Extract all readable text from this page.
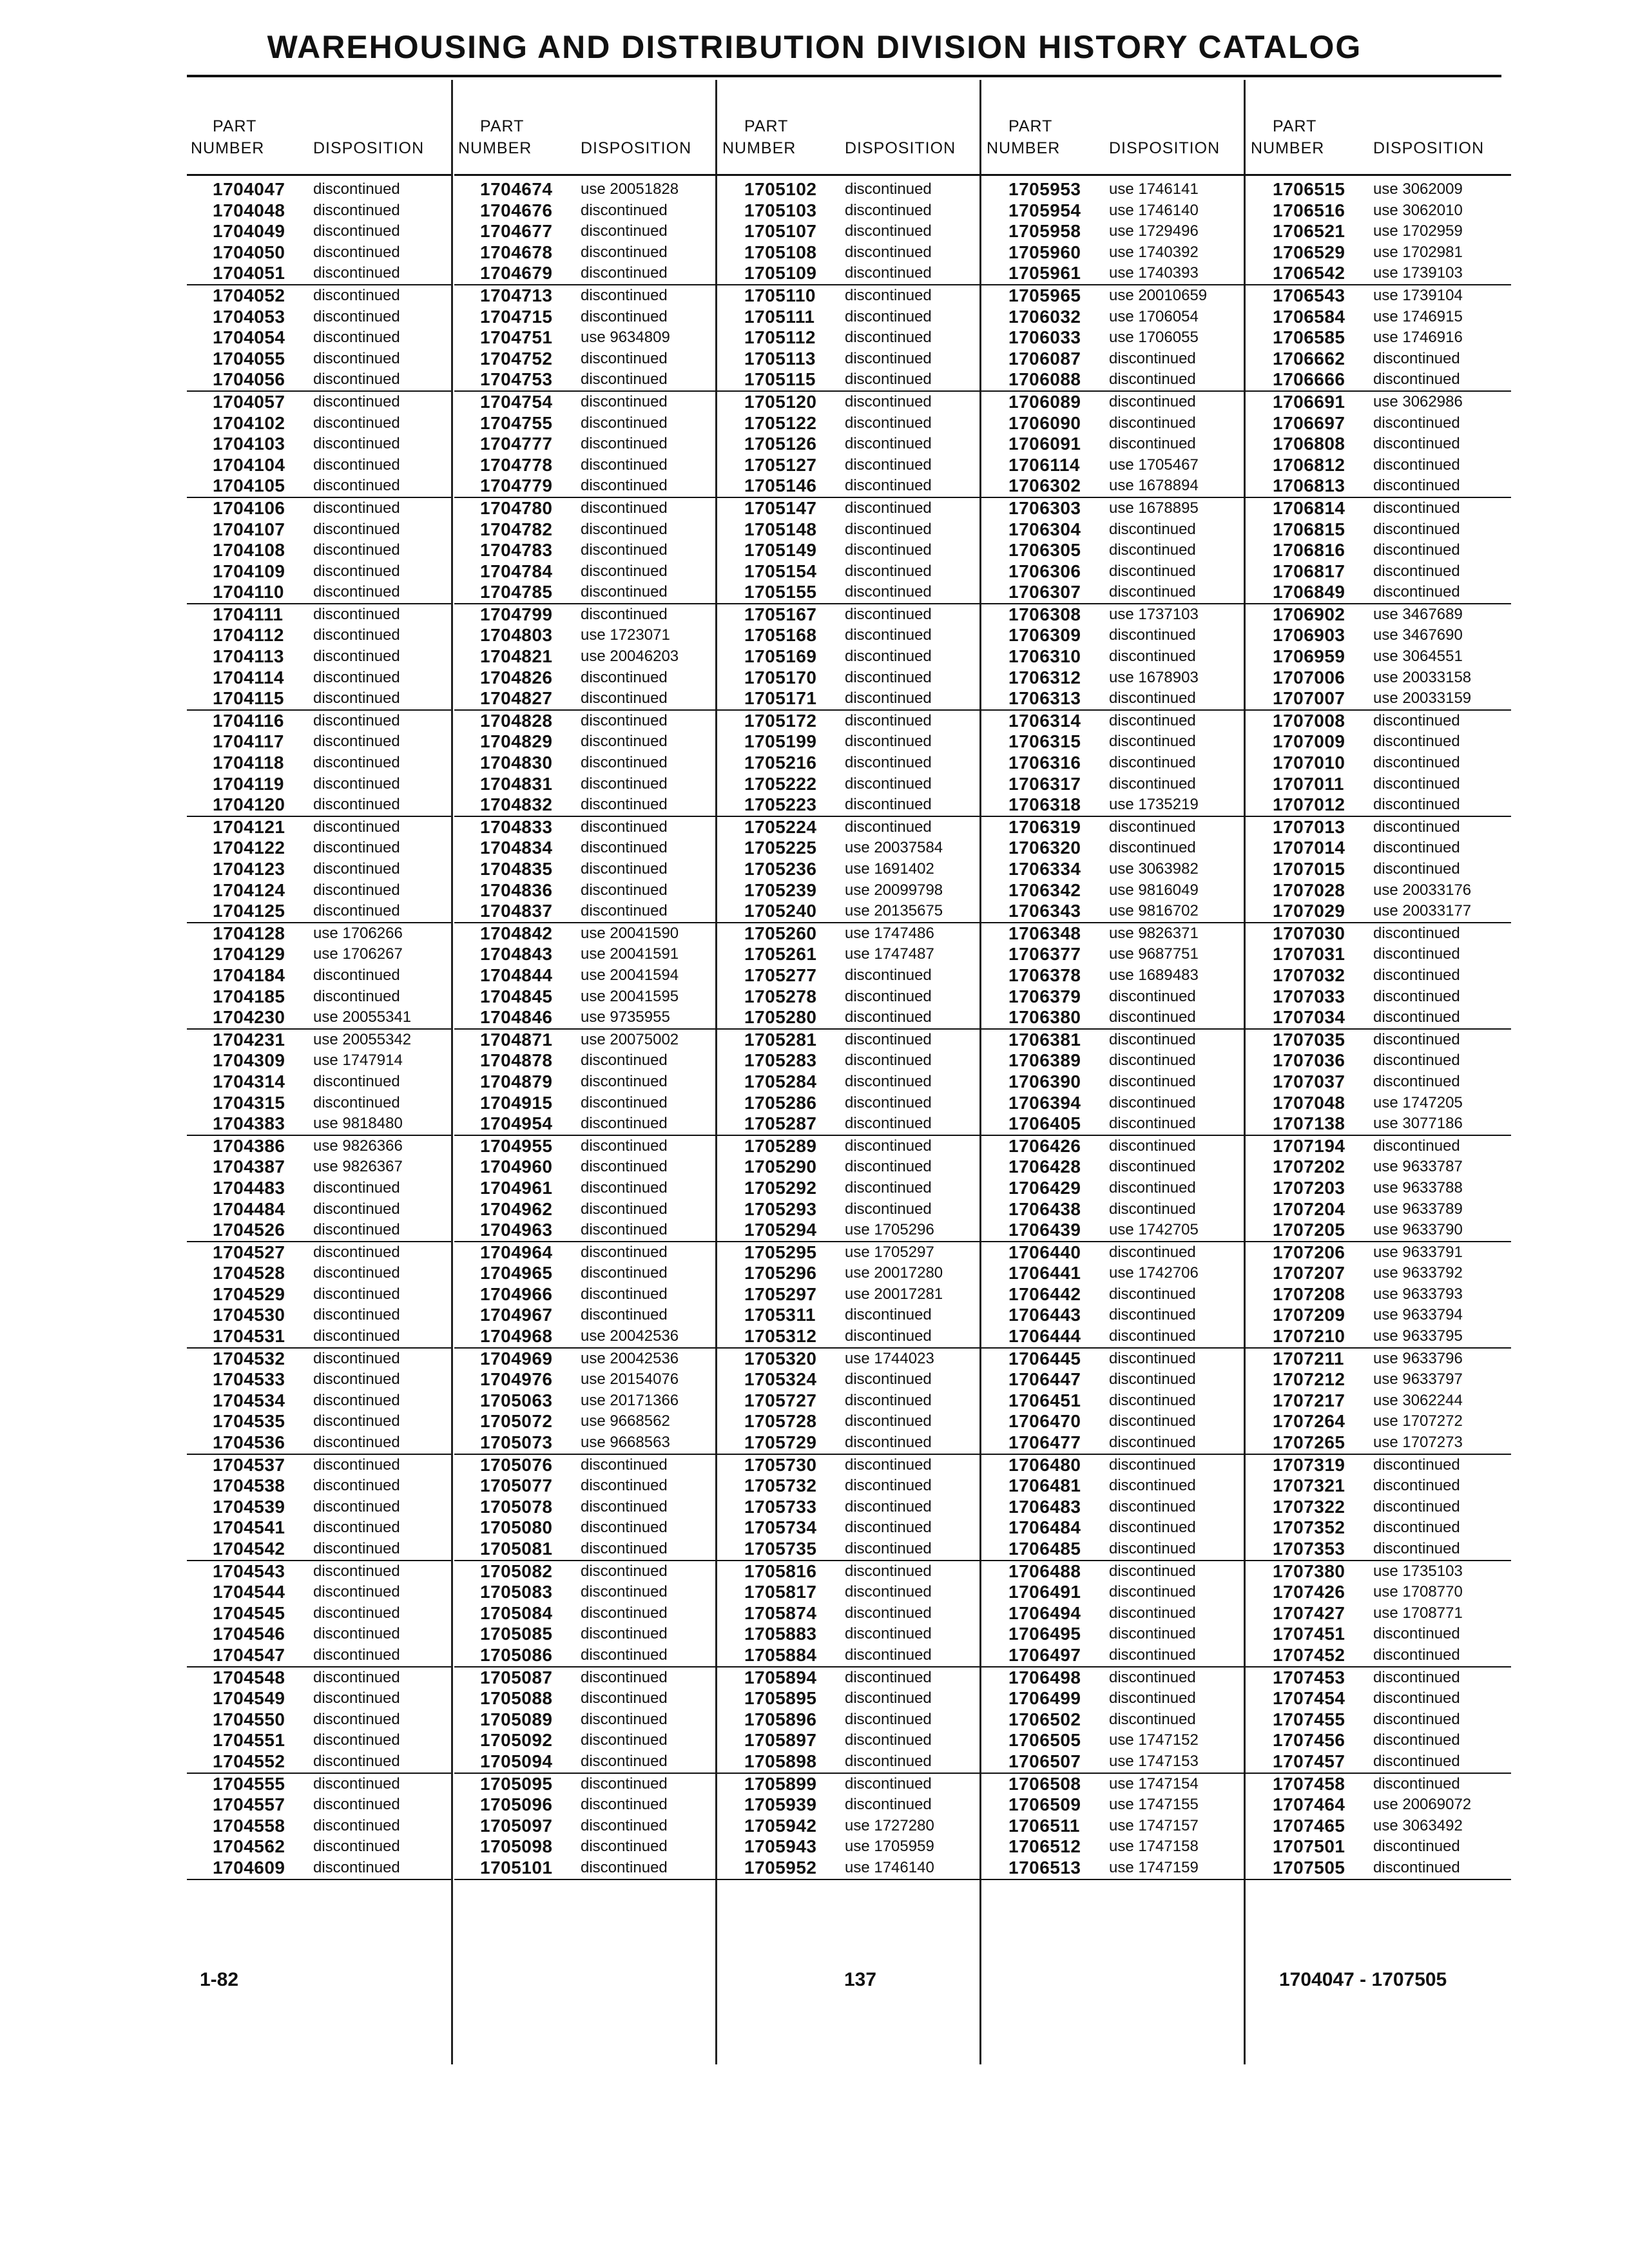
WAREHOUSING AND DISTRIBUTION DIVISION HISTORY CATALOG
PART
NUMBER	DISPOSITION
1704047 discontinued
1704048 discontinued
1704049 discontinued
1704050 discontinued
1704051 discontinued
1704052 discontinued
1704053 discontinued
1704054 discontinued
1704055 discontinued
1704056 discontinued
1704057 discontinued
1704102 discontinued
1704103 discontinued
1704104 discontinued
1704105 discontinued
1704106 discontinued
1704107 discontinued
1704108 discontinued
1704109 discontinued
1704110 discontinued
1704111 discontinued
1704112 discontinued
1704113 discontinued
1704114 discontinued
1704115 discontinued
1704116 discontinued
1704117 discontinued
1704118 discontinued
1704119 discontinued
1704120 discontinued
1704121 discontinued
1704122 discontinued
1704123 discontinued
1704124 discontinued
1704125 discontinued
1704128 use 1706266
1704129 use 1706267
1704184 discontinued
1704185 discontinued
1704230 use 20055341
1704231 use 20055342
1704309 use 1747914
1704314 discontinued
1704315 discontinued
1704383 use 9818480
1704386 use 9826366
1704387 use 9826367
1704483 discontinued
1704484 discontinued
1704526 discontinued
1704527 discontinued
1704528 discontinued
1704529 discontinued
1704530 discontinued
1704531 discontinued
1704532 discontinued
1704533 discontinued
1704534 discontinued
1704535 discontinued
1704536 discontinued
1704537 discontinued
1704538 discontinued
1704539 discontinued
1704541 discontinued
1704542 discontinued
1704543 discontinued
1704544 discontinued
1704545 discontinued
1704546 discontinued
1704547 discontinued
1704548 discontinued
1704549 discontinued
1704550 discontinued
1704551 discontinued
1704552 discontinued
1704555 discontinued
1704557 discontinued
1704558 discontinued
1704562 discontinued
1704609 discontinued
PART
NUMBER	DISPOSITION
1704674 use 20051828
1704676 discontinued
1704677 discontinued
1704678 discontinued
1704679 discontinued
1704713 discontinued
1704715 discontinued
1704751 use 9634809
1704752 discontinued
1704753 discontinued
1704754 discontinued
1704755 discontinued
1704777 discontinued
1704778 discontinued
1704779 discontinued
1704780 discontinued
1704782 discontinued
1704783 discontinued
1704784 discontinued
1704785 discontinued
1704799 discontinued
1704803 use 1723071
1704821 use 20046203
1704826 discontinued
1704827 discontinued
1704828 discontinued
1704829 discontinued
1704830 discontinued
1704831 discontinued
1704832 discontinued
1704833 discontinued
1704834 discontinued
1704835 discontinued
1704836 discontinued
1704837 discontinued
1704842 use 20041590
1704843 use 20041591
1704844 use 20041594
1704845 use 20041595
1704846 use 9735955
1704871 use 20075002
1704878 discontinued
1704879 discontinued
1704915 discontinued
1704954 discontinued
1704955 discontinued
1704960 discontinued
1704961 discontinued
1704962 discontinued
1704963 discontinued
1704964 discontinued
1704965 discontinued
1704966 discontinued
1704967 discontinued
1704968 use 20042536
1704969 use 20042536
1704976 use 20154076
1705063 use 20171366
1705072 use 9668562
1705073 use 9668563
1705076 discontinued
1705077 discontinued
1705078 discontinued
1705080 discontinued
1705081 discontinued
1705082 discontinued
1705083 discontinued
1705084 discontinued
1705085 discontinued
1705086 discontinued
1705087 discontinued
1705088 discontinued
1705089 discontinued
1705092 discontinued
1705094 discontinued
1705095 discontinued
1705096 discontinued
1705097 discontinued
1705098 discontinued
1705101 discontinued
PART
NUMBER	DISPOSITION
1705102 discontinued
1705103 discontinued
1705107 discontinued
1705108 discontinued
1705109 discontinued
1705110 discontinued
1705111 discontinued
1705112 discontinued
1705113 discontinued
1705115 discontinued
1705120 discontinued
1705122 discontinued
1705126 discontinued
1705127 discontinued
1705146 discontinued
1705147 discontinued
1705148 discontinued
1705149 discontinued
1705154 discontinued
1705155 discontinued
1705167 discontinued
1705168 discontinued
1705169 discontinued
1705170 discontinued
1705171 discontinued
1705172 discontinued
1705199 discontinued
1705216 discontinued
1705222 discontinued
1705223 discontinued
1705224 discontinued
1705225 use 20037584
1705236 use 1691402
1705239 use 20099798
1705240 use 20135675
1705260 use 1747486
1705261 use 1747487
1705277 discontinued
1705278 discontinued
1705280 discontinued
1705281 discontinued
1705283 discontinued
1705284 discontinued
1705286 discontinued
1705287 discontinued
1705289 discontinued
1705290 discontinued
1705292 discontinued
1705293 discontinued
1705294 use 1705296
1705295 use 1705297
1705296 use 20017280
1705297 use 20017281
1705311 discontinued
1705312 discontinued
1705320 use 1744023
1705324 discontinued
1705727 discontinued
1705728 discontinued
1705729 discontinued
1705730 discontinued
1705732 discontinued
1705733 discontinued
1705734 discontinued
1705735 discontinued
1705816 discontinued
1705817 discontinued
1705874 discontinued
1705883 discontinued
1705884 discontinued
1705894 discontinued
1705895 discontinued
1705896 discontinued
1705897 discontinued
1705898 discontinued
1705899 discontinued
1705939 discontinued
1705942 use 1727280
1705943 use 1705959
1705952 use 1746140
PART
NUMBER	DISPOSITION
1705953 use 1746141
1705954 use 1746140
1705958 use 1729496
1705960 use 1740392
1705961 use 1740393
1705965 use 20010659
1706032 use 1706054
1706033 use 1706055
1706087 discontinued
1706088 discontinued
1706089 discontinued
1706090 discontinued
1706091 discontinued
1706114 use 1705467
1706302 use 1678894
1706303 use 1678895
1706304 discontinued
1706305 discontinued
1706306 discontinued
1706307 discontinued
1706308 use 1737103
1706309 discontinued
1706310 discontinued
1706312 use 1678903
1706313 discontinued
1706314 discontinued
1706315 discontinued
1706316 discontinued
1706317 discontinued
1706318 use 1735219
1706319 discontinued
1706320 discontinued
1706334 use 3063982
1706342 use 9816049
1706343 use 9816702
1706348 use 9826371
1706377 use 9687751
1706378 use 1689483
1706379 discontinued
1706380 discontinued
1706381 discontinued
1706389 discontinued
1706390 discontinued
1706394 discontinued
1706405 discontinued
1706426 discontinued
1706428 discontinued
1706429 discontinued
1706438 discontinued
1706439 use 1742705
1706440 discontinued
1706441 use 1742706
1706442 discontinued
1706443 discontinued
1706444 discontinued
1706445 discontinued
1706447 discontinued
1706451 discontinued
1706470 discontinued
1706477 discontinued
1706480 discontinued
1706481 discontinued
1706483 discontinued
1706484 discontinued
1706485 discontinued
1706488 discontinued
1706491 discontinued
1706494 discontinued
1706495 discontinued
1706497 discontinued
1706498 discontinued
1706499 discontinued
1706502 discontinued
1706505 use 1747152
1706507 use 1747153
1706508 use 1747154
1706509 use 1747155
1706511 use 1747157
1706512 use 1747158
1706513 use 1747159
PART
NUMBER	DISPOSITION
1706515 use 3062009
1706516 use 3062010
1706521 use 1702959
1706529 use 1702981
1706542 use 1739103
1706543 use 1739104
1706584 use 1746915
1706585 use 1746916
1706662 discontinued
1706666 discontinued
1706691 use 3062986
1706697 discontinued
1706808 discontinued
1706812 discontinued
1706813 discontinued
1706814 discontinued
1706815 discontinued
1706816 discontinued
1706817 discontinued
1706849 discontinued
1706902 use 3467689
1706903 use 3467690
1706959 use 3064551
1707006 use 20033158
1707007 use 20033159
1707008 discontinued
1707009 discontinued
1707010 discontinued
1707011 discontinued
1707012 discontinued
1707013 discontinued
1707014 discontinued
1707015 discontinued
1707028 use 20033176
1707029 use 20033177
1707030 discontinued
1707031 discontinued
1707032 discontinued
1707033 discontinued
1707034 discontinued
1707035 discontinued
1707036 discontinued
1707037 discontinued
1707048 use 1747205
1707138 use 3077186
1707194 discontinued
1707202 use 9633787
1707203 use 9633788
1707204 use 9633789
1707205 use 9633790
1707206 use 9633791
1707207 use 9633792
1707208 use 9633793
1707209 use 9633794
1707210 use 9633795
1707211 use 9633796
1707212 use 9633797
1707217 use 3062244
1707264 use 1707272
1707265 use 1707273
1707319 discontinued
1707321 discontinued
1707322 discontinued
1707352 discontinued
1707353 discontinued
1707380 use 1735103
1707426 use 1708770
1707427 use 1708771
1707451 discontinued
1707452 discontinued
1707453 discontinued
1707454 discontinued
1707455 discontinued
1707456 discontinued
1707457 discontinued
1707458 discontinued
1707464 use 20069072
1707465 use 3063492
1707501 discontinued
1707505 discontinued
1-82	137	1704047 - 1707505
